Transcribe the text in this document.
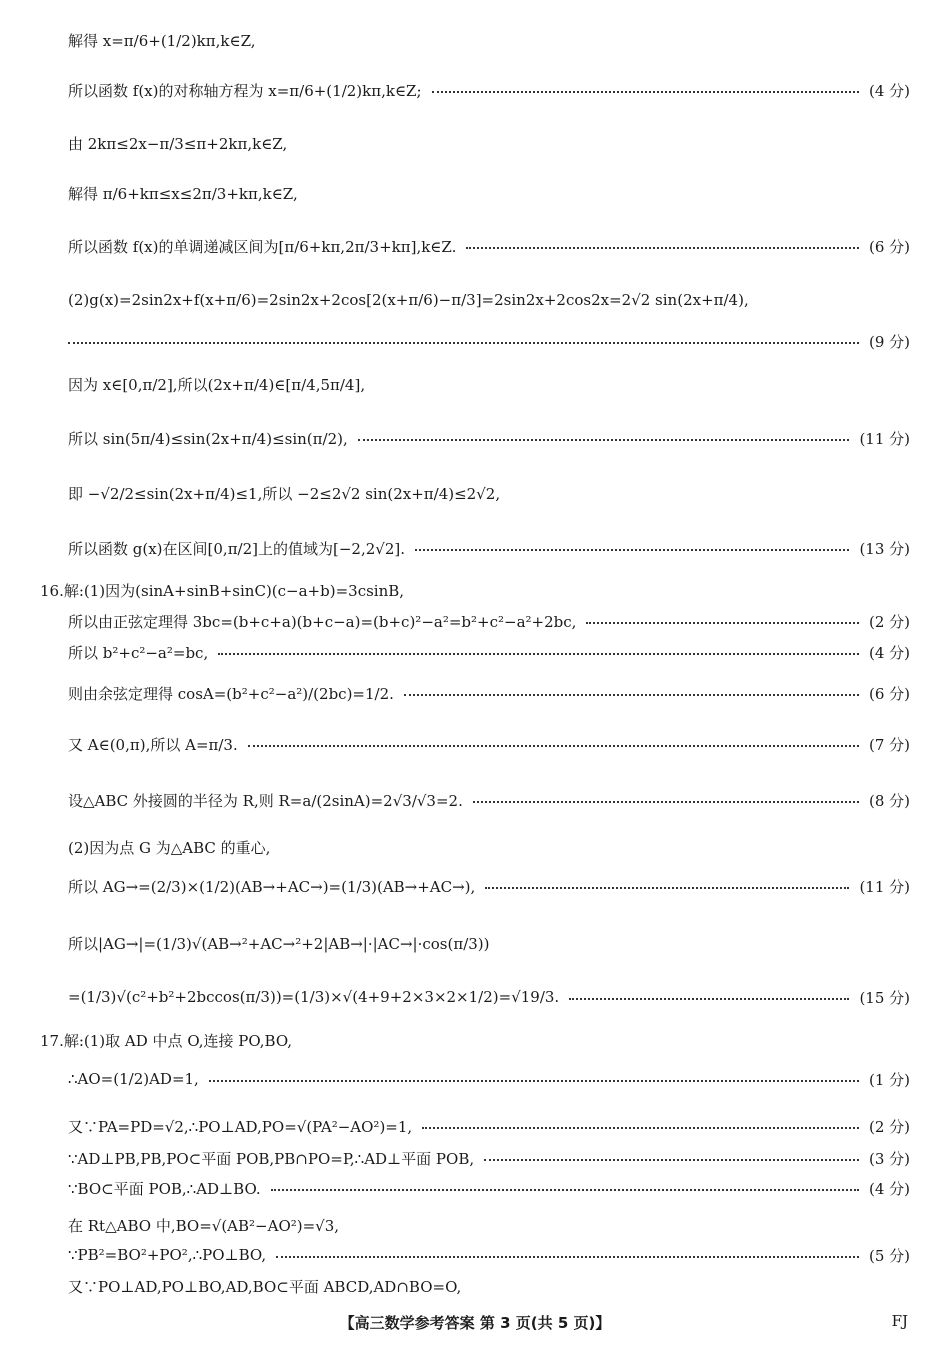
解得 x=π/6+(1/2)kπ,k∈Z,
所以函数 f(x)的对称轴方程为 x=π/6+(1/2)kπ,k∈Z;	(4 分)
由 2kπ≤2x−π/3≤π+2kπ,k∈Z,
解得 π/6+kπ≤x≤2π/3+kπ,k∈Z,
所以函数 f(x)的单调递减区间为[π/6+kπ,2π/3+kπ],k∈Z.	(6 分)
(2)g(x)=2sin2x+f(x+π/6)=2sin2x+2cos[2(x+π/6)−π/3]=2sin2x+2cos2x=2√2 sin(2x+π/4),
(9 分)
因为 x∈[0,π/2],所以(2x+π/4)∈[π/4,5π/4],
所以 sin(5π/4)≤sin(2x+π/4)≤sin(π/2),	(11 分)
即 −√2/2≤sin(2x+π/4)≤1,所以 −2≤2√2 sin(2x+π/4)≤2√2,
所以函数 g(x)在区间[0,π/2]上的值域为[−2,2√2].	(13 分)
16.解:(1)因为(sinA+sinB+sinC)(c−a+b)=3csinB,
所以由正弦定理得 3bc=(b+c+a)(b+c−a)=(b+c)²−a²=b²+c²−a²+2bc,	(2 分)
所以 b²+c²−a²=bc,	(4 分)
则由余弦定理得 cosA=(b²+c²−a²)/(2bc)=1/2.	(6 分)
又 A∈(0,π),所以 A=π/3.	(7 分)
设△ABC 外接圆的半径为 R,则 R=a/(2sinA)=2√3/√3=2.	(8 分)
(2)因为点 G 为△ABC 的重心,
所以 AG→=(2/3)×(1/2)(AB→+AC→)=(1/3)(AB→+AC→),	(11 分)
所以|AG→|=(1/3)√(AB→²+AC→²+2|AB→|·|AC→|·cos(π/3))
=(1/3)√(c²+b²+2bccos(π/3))=(1/3)×√(4+9+2×3×2×1/2)=√19/3.	(15 分)
17.解:(1)取 AD 中点 O,连接 PO,BO,
∴AO=(1/2)AD=1,	(1 分)
又∵PA=PD=√2,∴PO⊥AD,PO=√(PA²−AO²)=1,	(2 分)
∵AD⊥PB,PB,PO⊂平面 POB,PB∩PO=P,∴AD⊥平面 POB,	(3 分)
∵BO⊂平面 POB,∴AD⊥BO.	(4 分)
在 Rt△ABO 中,BO=√(AB²−AO²)=√3,
∵PB²=BO²+PO²,∴PO⊥BO,	(5 分)
又∵PO⊥AD,PO⊥BO,AD,BO⊂平面 ABCD,AD∩BO=O,
【高三数学参考答案 第 3 页(共 5 页)】	FJ
